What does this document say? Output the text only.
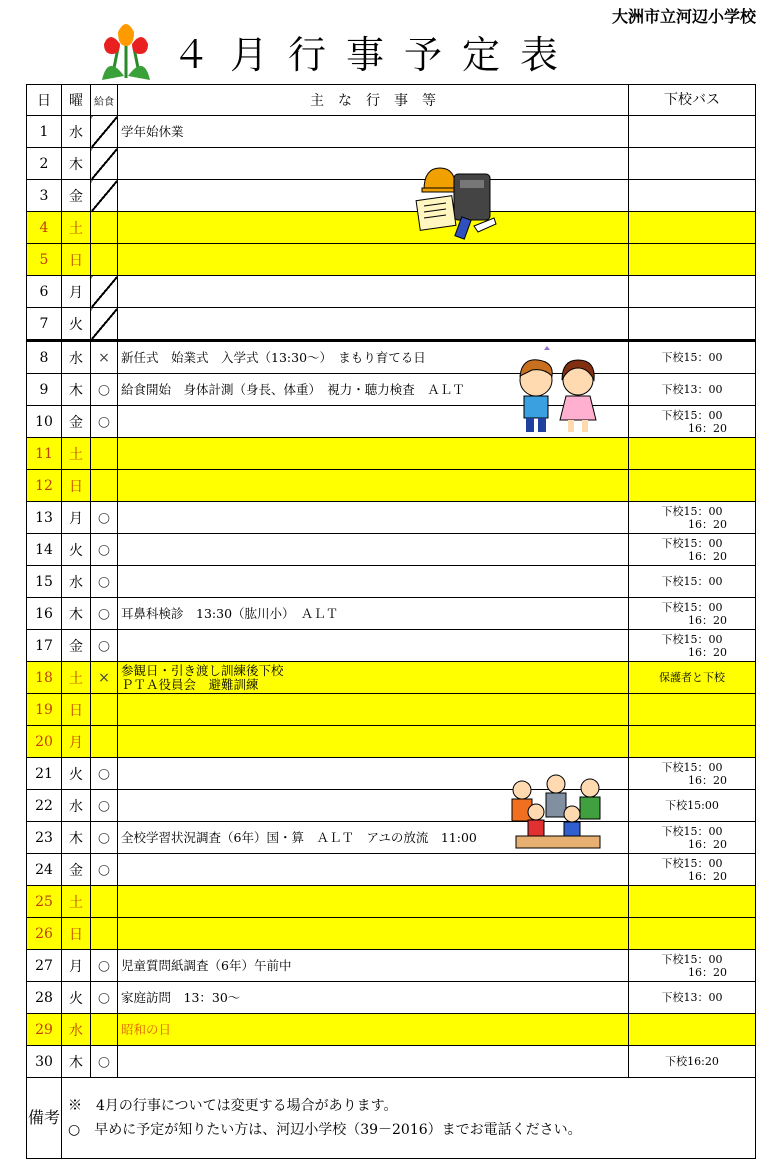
大洲市立河辺小学校
４月行事予定表
日	曜	給食	主　な　行　事　等	下校バス
1	水		学年始休業	

2	木			
3	金			
4	土			
5	日			
6	月			
7	火			
8	水	×	新任式　始業式　入学式（13:30～）　まもり育てる日	下校15：00

9	木	○	給食開始　身体計測（身長、体重）　視力・聴力検査　ＡＬＴ	下校13：00

10	金	○		下校15：00
16：20

11	土			
12	日			
13	月	○		下校15：00
16：20

14	火	○		下校15：00
16：20

15	水	○		下校15：00

16	木	○	耳鼻科検診　13:30（肱川小）　ＡＬＴ	下校15：00
16：20

17	金	○		下校15：00
16：20

18	土	×	参観日・引き渡し訓練後下校
ＰＴＡ役員会　避難訓練	保護者と下校

19	日			
20	月			
21	火	○		下校15：00
16：20

22	水	○		下校15:00

23	木	○	全校学習状況調査（6年）国・算　ＡＬＴ　アユの放流　11:00	下校15：00
16：20

24	金	○		下校15：00
16：20

25	土			
26	日			
27	月	○	児童質問紙調査（6年）午前中	下校15：00
16：20

28	火	○	家庭訪問　13：30～	下校13：00

29	水		昭和の日	

30	木	○		下校16:20

備考	※　4月の行事については変更する場合があります。
○　早めに予定が知りたい方は、河辺小学校（39－2016）までお電話ください。			
